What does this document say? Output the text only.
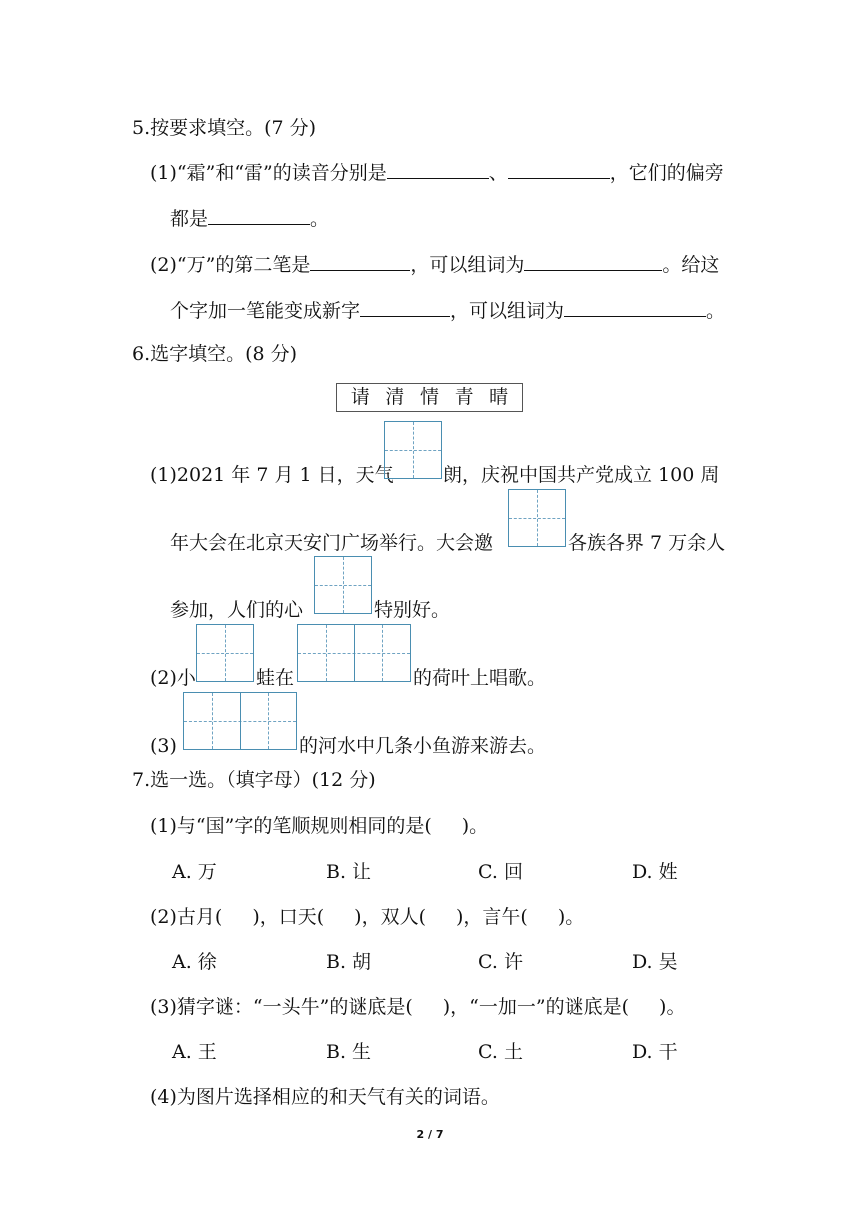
5.按要求填空。(7 分)
(1)“霜”和“雷”的读音分别是	、	，它们的偏旁
都是	。
(2)“万”的第二笔是	，可以组词为	。给这
个字加一笔能变成新字	，可以组词为	。
6.选字填空。(8 分)
请 清 情 青 晴
(1)2021 年 7 月 1 日，天气	朗，庆祝中国共产党成立 100 周
年大会在北京天安门广场举行。大会邀	各族各界 7 万余人
参加，人们的心	特别好。
(2)小	蛙在	的荷叶上唱歌。
(3)	的河水中几条小鱼游来游去。
7.选一选。（填字母）(12 分)
(1)与“国”字的笔顺规则相同的是( )。
A. 万	B. 让	C. 回	D. 姓
(2)古月( )，口天( )，双人( )，言午( )。
A. 徐	B. 胡	C. 许	D. 吴
(3)猜字谜：“一头牛”的谜底是( )，“一加一”的谜底是( )。
A. 王	B. 生	C. 土	D. 干
(4)为图片选择相应的和天气有关的词语。
2 / 7
